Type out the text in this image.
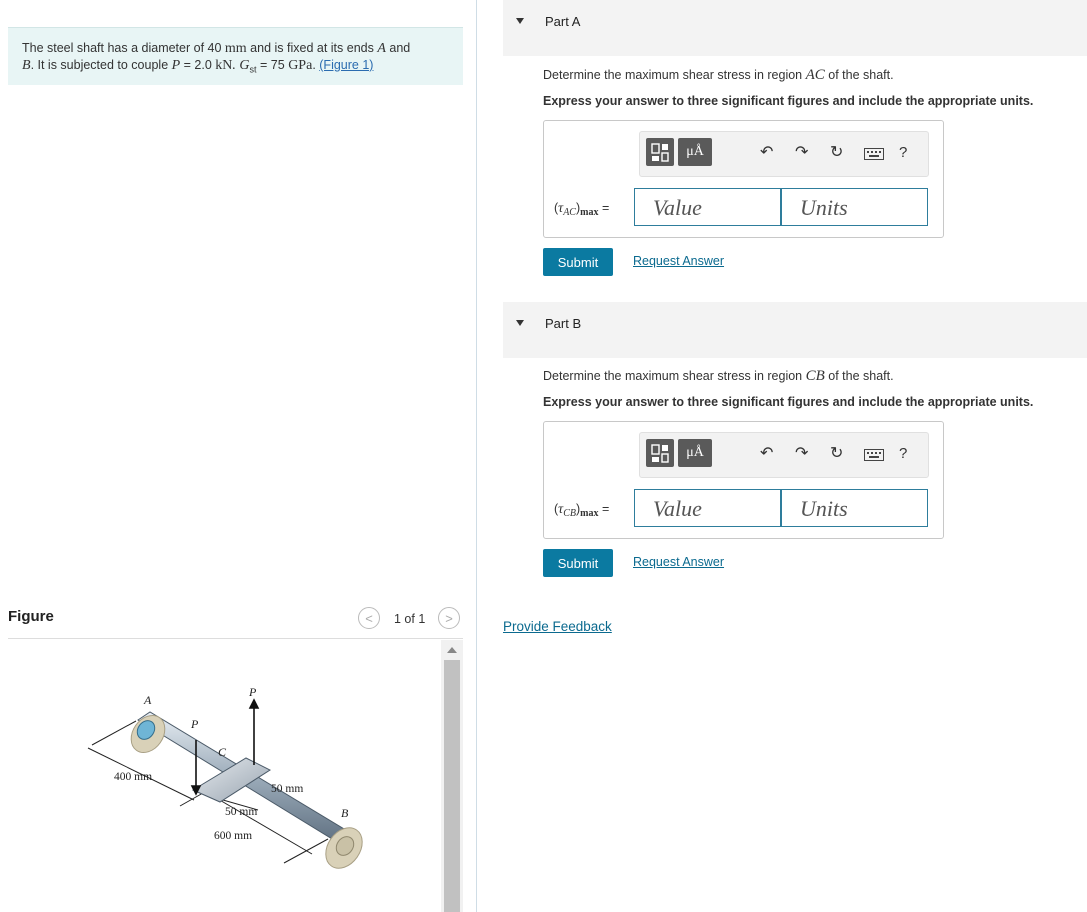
The steel shaft has a diameter of 40 mm and is fixed at its ends A and
B. It is subjected to couple P = 2.0 kN. $G_{st} = 75$ GPa. (Figure 1)
Figure	< 1 of 1 >
A
P
P
C
B
400 mm
50 mm
50 mm
600 mm
Part A
Determine the maximum shear stress in region AC of the shaft.
Express your answer to three significant figures and include the appropriate units.
μÅ	↶ ↷ ↻	?
$(\tau_{AC})_{max}$ = Value	Units
Submit	Request Answer
Part B
Determine the maximum shear stress in region CB of the shaft.
Express your answer to three significant figures and include the appropriate units.
μÅ	↶ ↷ ↻	?
$(\tau_{CB})_{max}$ = Value	Units
Submit	Request Answer
Provide Feedback
